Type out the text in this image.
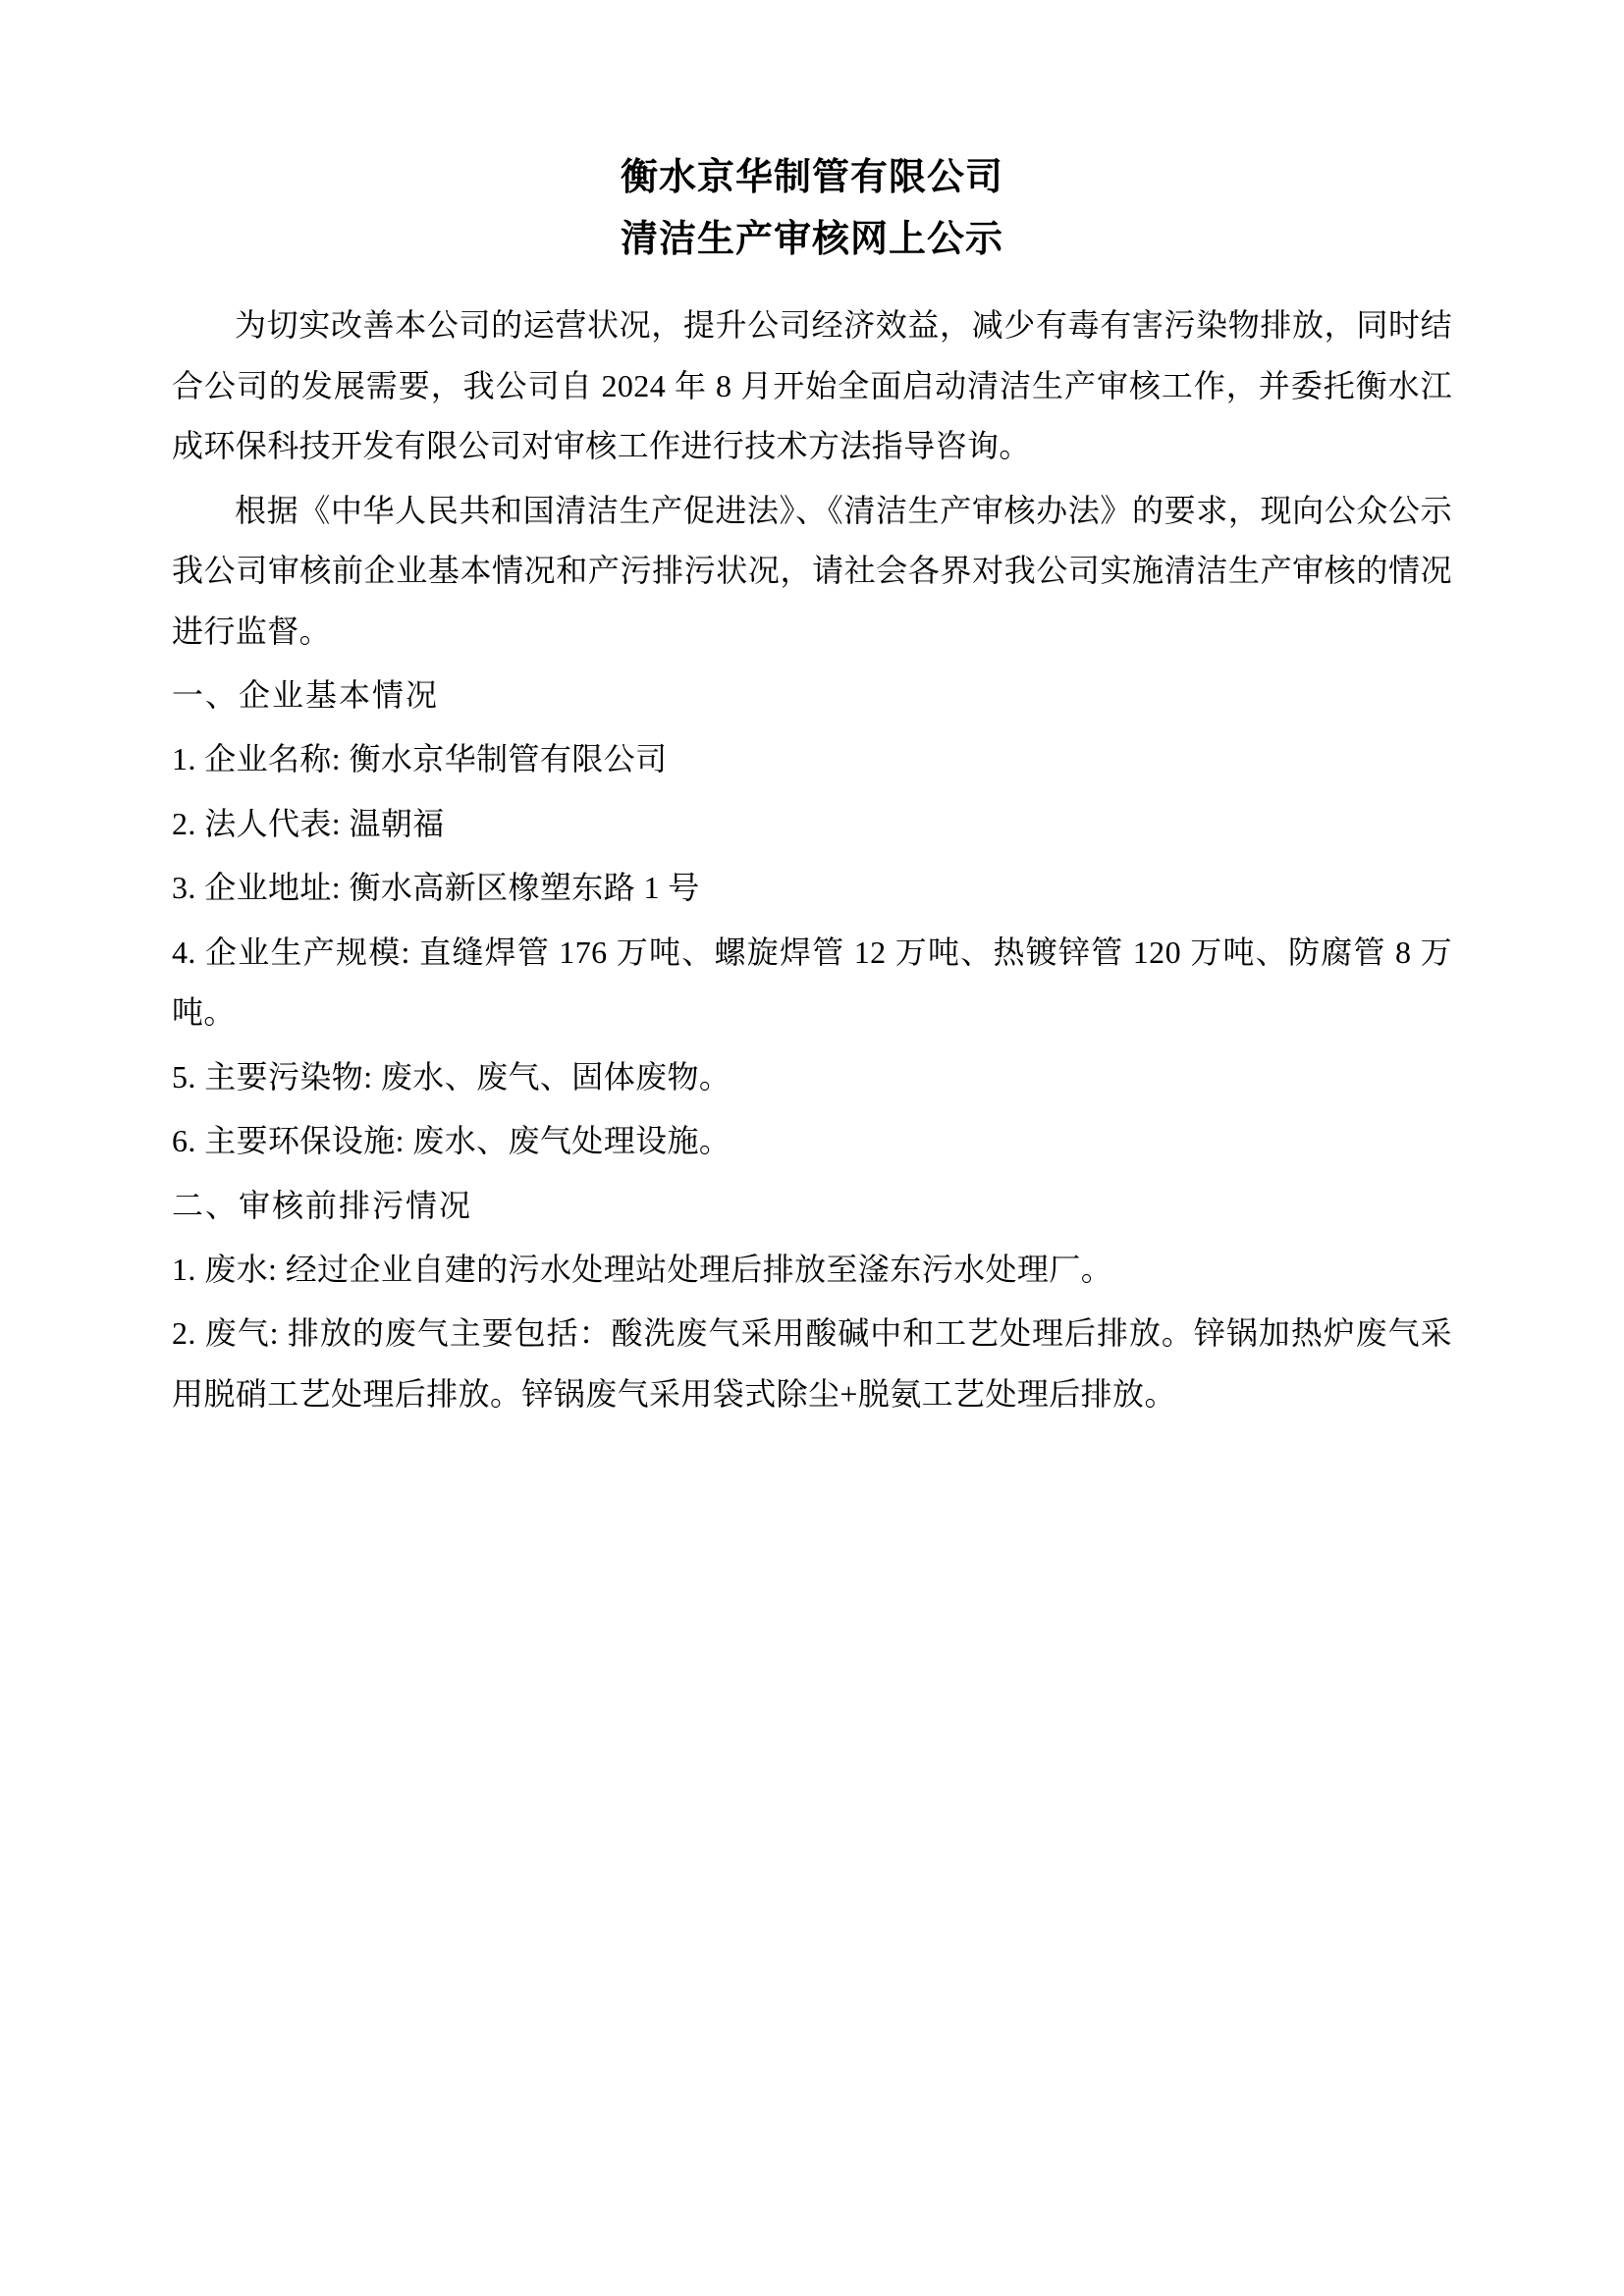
衡水京华制管有限公司
清洁生产审核网上公示

为切实改善本公司的运营状况，提升公司经济效益，减少有毒有害污染物排放，同时结合公司的发展需要，我公司自 2024 年 8 月开始全面启动清洁生产审核工作，并委托衡水江成环保科技开发有限公司对审核工作进行技术方法指导咨询。

根据《中华人民共和国清洁生产促进法》、《清洁生产审核办法》的要求，现向公众公示我公司审核前企业基本情况和产污排污状况，请社会各界对我公司实施清洁生产审核的情况进行监督。

一、企业基本情况

1. 企业名称: 衡水京华制管有限公司

2. 法人代表: 温朝福

3. 企业地址: 衡水高新区橡塑东路 1 号

4. 企业生产规模: 直缝焊管 176 万吨、螺旋焊管 12 万吨、热镀锌管 120 万吨、防腐管 8 万吨。

5. 主要污染物: 废水、废气、固体废物。

6. 主要环保设施: 废水、废气处理设施。

二、审核前排污情况

1. 废水: 经过企业自建的污水处理站处理后排放至滏东污水处理厂。

2. 废气: 排放的废气主要包括：酸洗废气采用酸碱中和工艺处理后排放。锌锅加热炉废气采用脱硝工艺处理后排放。锌锅废气采用袋式除尘+脱氨工艺处理后排放。
